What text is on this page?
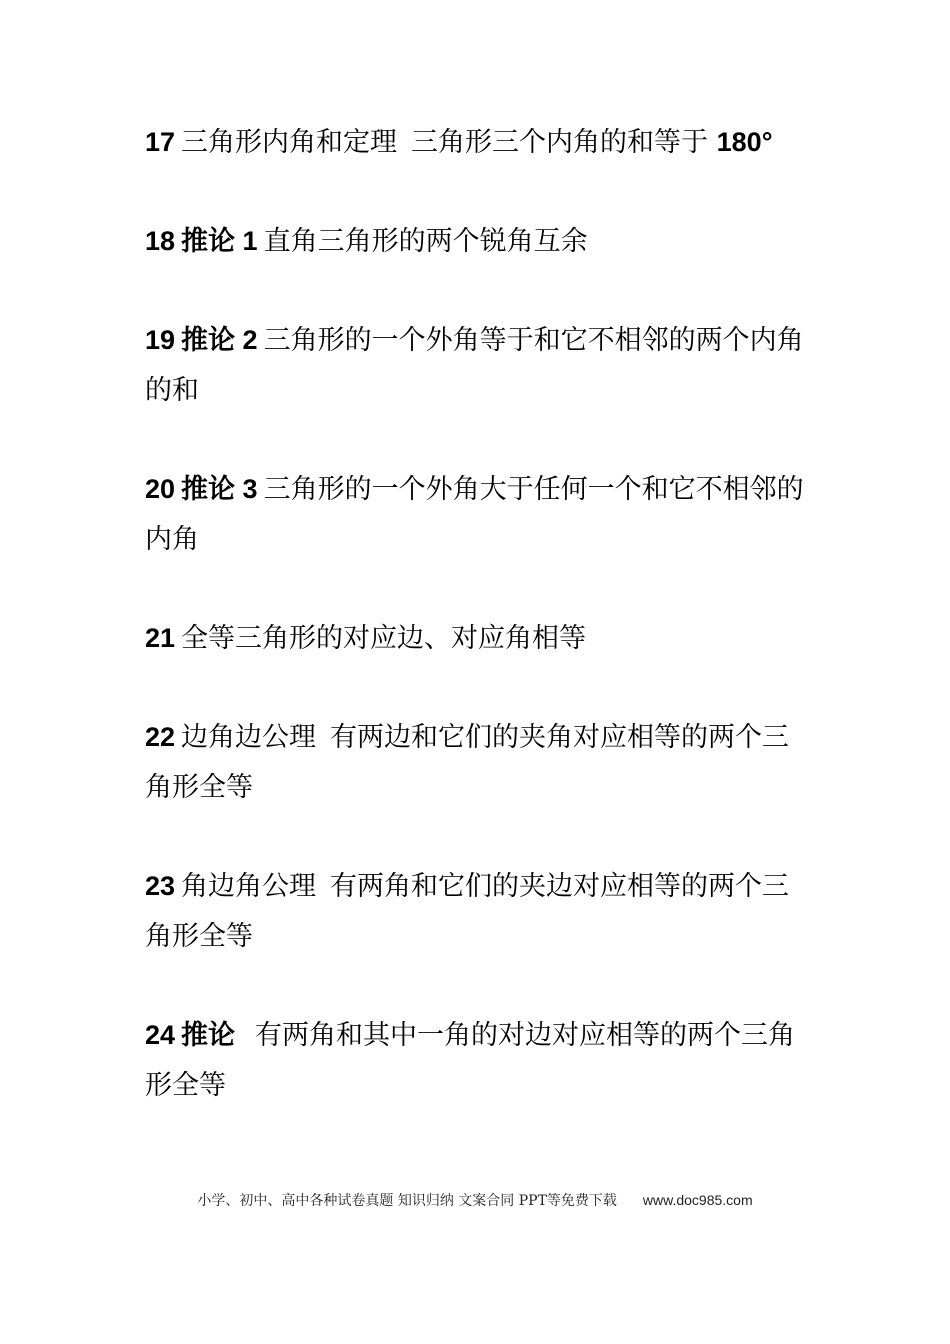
17 三角形内角和定理 三角形三个内角的和等于 180°

18 推论 1 直角三角形的两个锐角互余

19 推论 2 三角形的一个外角等于和它不相邻的两个内角的和

20 推论 3 三角形的一个外角大于任何一个和它不相邻的内角

21 全等三角形的对应边、对应角相等

22 边角边公理 有两边和它们的夹角对应相等的两个三角形全等

23 角边角公理 有两角和它们的夹边对应相等的两个三角形全等

24 推论 有两角和其中一角的对边对应相等的两个三角形全等

小学、初中、高中各种试卷真题 知识归纳 文案合同 PPT等免费下载 www.doc985.com
